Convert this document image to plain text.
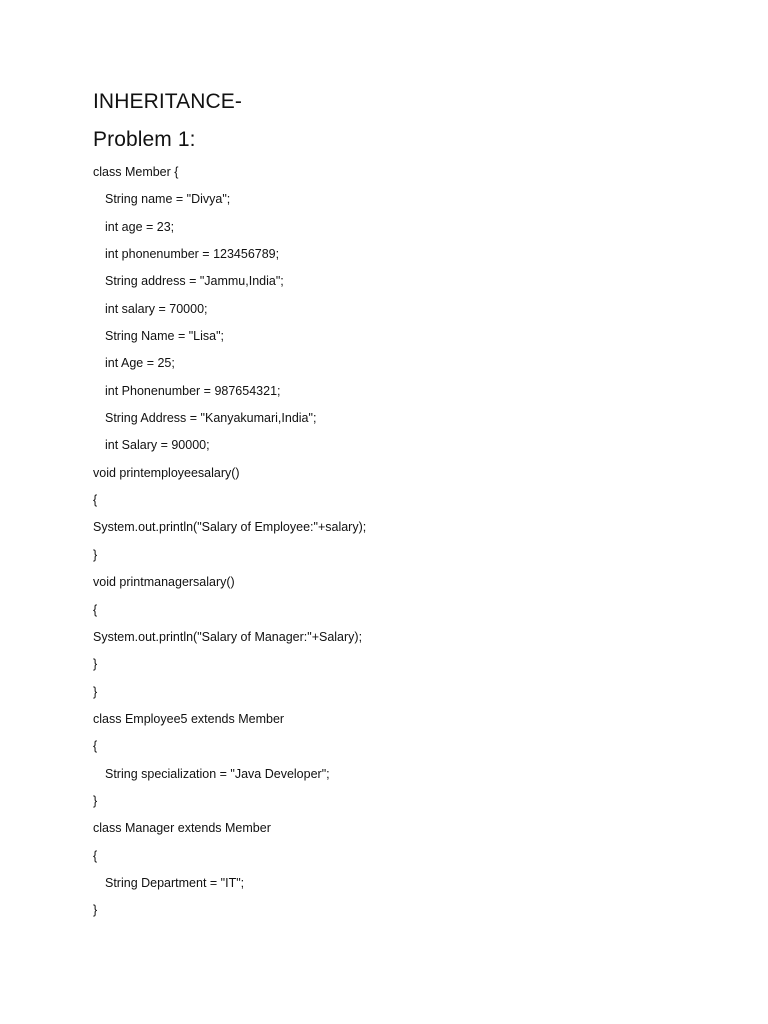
INHERITANCE-
Problem 1:
class Member {
String name = "Divya";
int age = 23;
int phonenumber = 123456789;
String address = "Jammu,India";
int salary = 70000;
String Name = "Lisa";
int Age = 25;
int Phonenumber = 987654321;
String Address = "Kanyakumari,India";
int Salary = 90000;
void printemployeesalary()
{
System.out.println("Salary of Employee:"+salary);
}
void printmanagersalary()
{
System.out.println("Salary of Manager:"+Salary);
}
}
class Employee5 extends Member
{
String specialization = "Java Developer";
}
class Manager extends Member
{
String Department = "IT";
}
